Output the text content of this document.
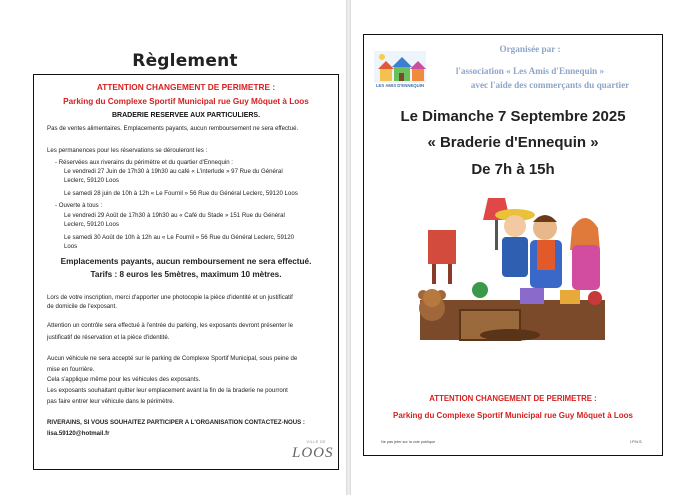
Règlement
ATTENTION CHANGEMENT DE PERIMETRE :
Parking du Complexe Sportif Municipal rue Guy Môquet à Loos
BRADERIE RESERVEE AUX PARTICULIERS.
Pas de ventes alimentaires. Emplacements payants, aucun remboursement ne sera effectué.
Les permanences pour les réservations se dérouleront les :
- Réservées aux riverains du périmètre et du quartier d'Ennequin :
Le vendredi 27 Juin de 17h30 à 19h30 au café « L'interlude » 97 Rue du Général
Leclerc, 59120 Loos
Le samedi 28 juin de 10h à 12h « Le Fournil » 56 Rue du Général Leclerc, 59120 Loos
- Ouverte à tous :
Le vendredi 29 Août de 17h30 à 19h30 au « Café du Stade » 151 Rue du Général
Leclerc, 59120 Loos
Le samedi 30 Août de 10h à 12h au « Le Fournil » 56 Rue du Général Leclerc, 59120
Loos
Emplacements payants, aucun remboursement ne sera effectué.
Tarifs : 8 euros les 5mètres, maximum 10 mètres.
Lors de votre inscription, merci d'apporter une photocopie la pièce d'identité et un justificatif
de domicile de l'exposant.
Attention un contrôle sera effectué à l'entrée du parking, les exposants devront présenter le
justificatif de réservation et la pièce d'identité.
Aucun véhicule ne sera accepté sur le parking de Complexe Sportif Municipal, sous peine de
mise en fourrière.
Cela s'applique même pour les véhicules des exposants.
Les exposants souhaitant quitter leur emplacement avant la fin de la braderie ne pourront
pas faire entrer leur véhicule dans le périmètre.
RIVERAINS, SI VOUS SOUHAITEZ PARTICIPER A L'ORGANISATION CONTACTEZ-NOUS :
lisa.59120@hotmail.fr
VILLE DE
LOOS
LES AMIS D'ENNEQUIN
Organisée par :
l'association « Les Amis d'Ennequin »
avec l'aide des commerçants du quartier
Le Dimanche 7 Septembre 2025
« Braderie d'Ennequin »
De 7h à 15h
ATTENTION CHANGEMENT DE PERIMETRE :
Parking du Complexe Sportif Municipal rue Guy Môquet à Loos
Ne pas jeter sur la voie publique	I.P.N.S.
